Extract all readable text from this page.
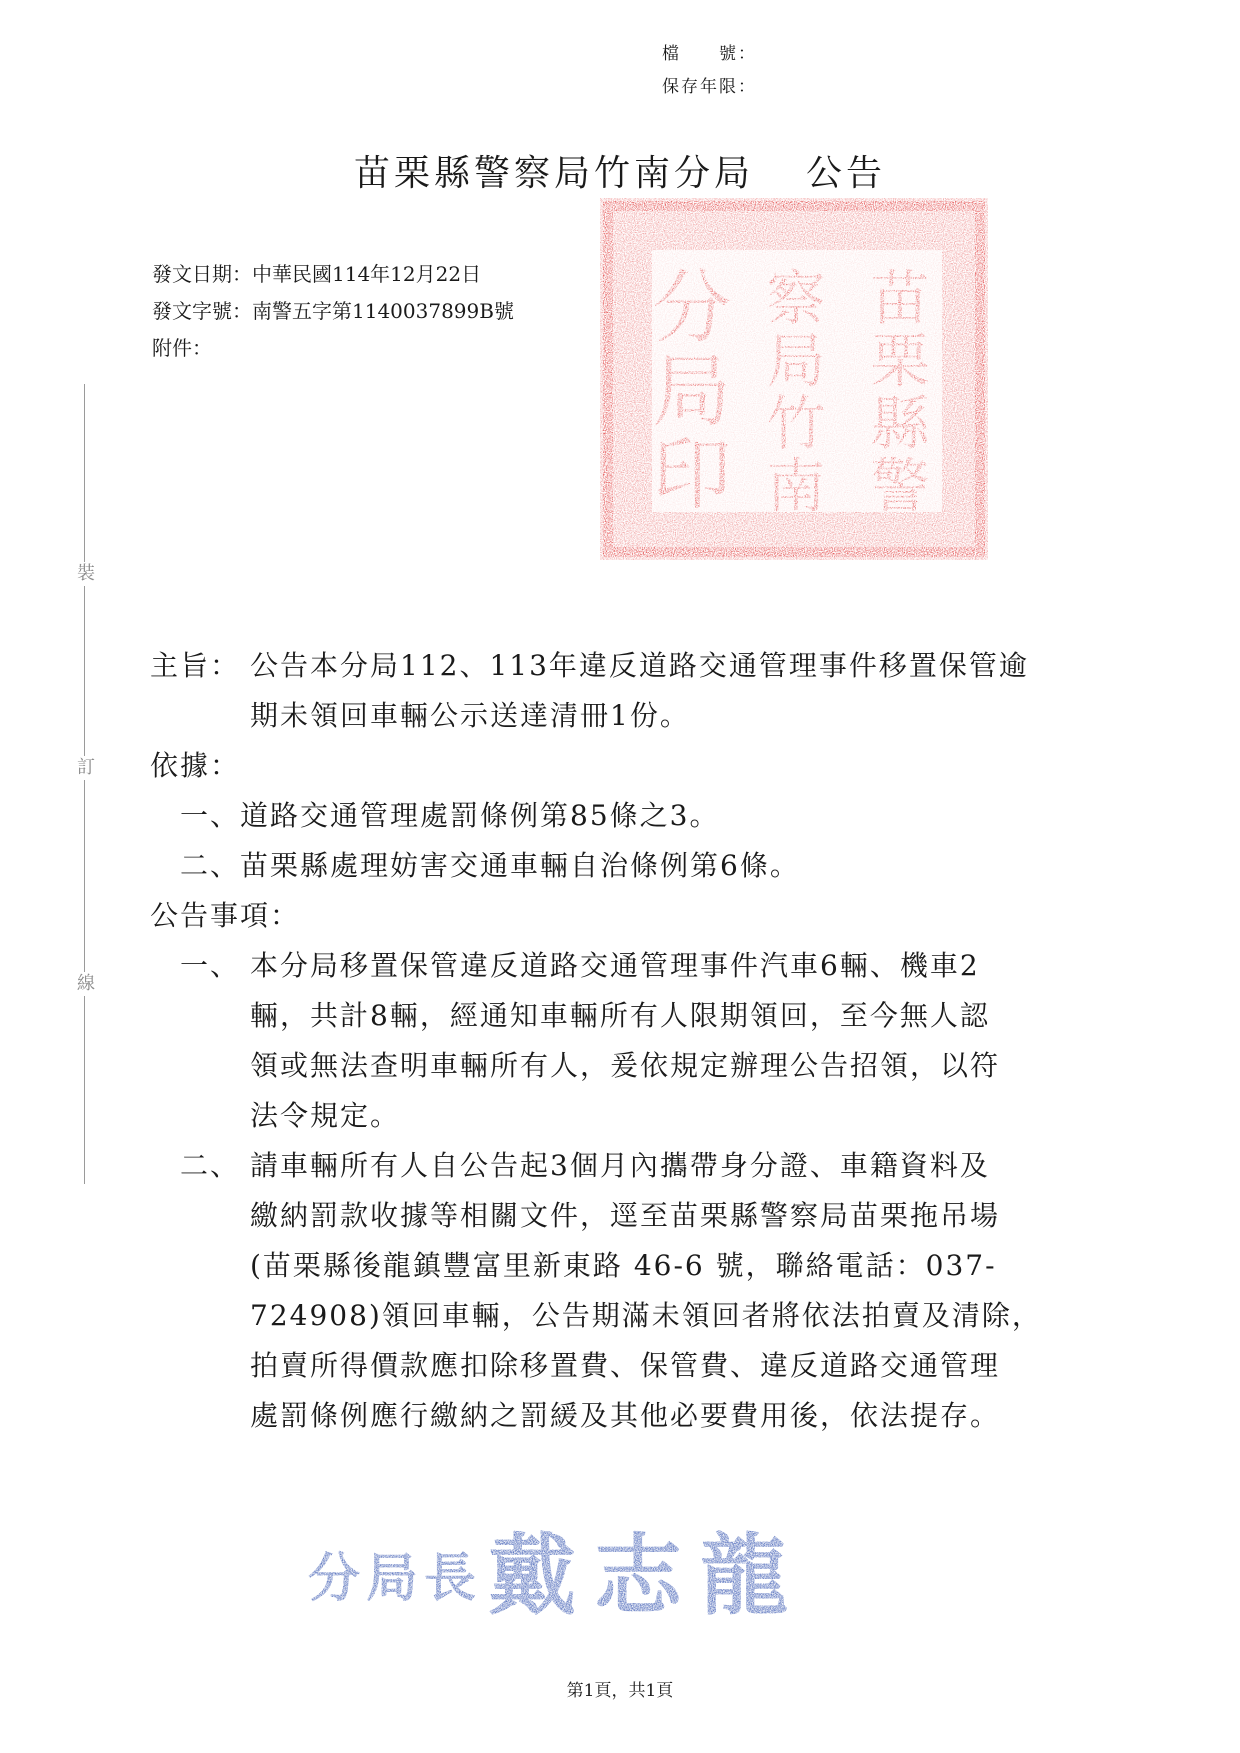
檔　　號：
保存年限：
苗栗縣警察局竹南分局 公告
發文日期：中華民國114年12月22日
發文字號：南警五字第1140037899B號
附件：
苗
栗
縣
警
察
局
竹
南
分
局
印
裝
訂
線
主旨： 公告本分局112、113年違反道路交通管理事件移置保管逾
期未領回車輛公示送達清冊1份。
依據：
一、道路交通管理處罰條例第85條之3。
二、苗栗縣處理妨害交通車輛自治條例第6條。
公告事項：
一、 本分局移置保管違反道路交通管理事件汽車6輛、機車2
輛，共計8輛，經通知車輛所有人限期領回，至今無人認
領或無法查明車輛所有人，爰依規定辦理公告招領，以符
法令規定。
二、 請車輛所有人自公告起3個月內攜帶身分證、車籍資料及
繳納罰款收據等相關文件，逕至苗栗縣警察局苗栗拖吊場
(苗栗縣後龍鎮豐富里新東路 46-6 號，聯絡電話：037-
724908)領回車輛，公告期滿未領回者將依法拍賣及清除，
拍賣所得價款應扣除移置費、保管費、違反道路交通管理
處罰條例應行繳納之罰緩及其他必要費用後，依法提存。
分 局 長 戴 志 龍
第1頁，共1頁
